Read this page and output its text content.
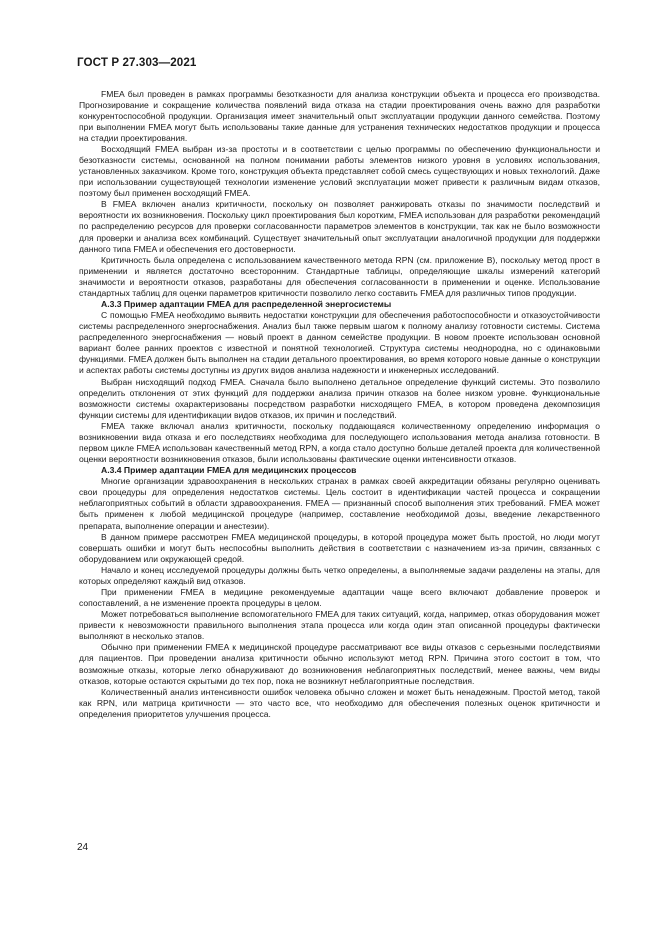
ГОСТ Р 27.303—2021

FMEA был проведен в рамках программы безотказности для анализа конструкции объекта и процесса его производства. Прогнозирование и сокращение количества появлений вида отказа на стадии проектирования очень важно для разработки конкурентоспособной продукции. Организация имеет значительный опыт эксплуатации продукции данного семейства. Поэтому при выполнении FMEA могут быть использованы такие данные для устранения технических недостатков продукции и процесса на стадии проектирования.

Восходящий FMEA выбран из-за простоты и в соответствии с целью программы по обеспечению функциональности и безотказности системы, основанной на полном понимании работы элементов низкого уровня в условиях использования, установленных заказчиком. Кроме того, конструкция объекта представляет собой смесь существующих и новых технологий. Даже при использовании существующей технологии изменение условий эксплуатации может привести к различным видам отказов, поэтому был применен восходящий FMEA.

В FMEA включен анализ критичности, поскольку он позволяет ранжировать отказы по значимости последствий и вероятности их возникновения. Поскольку цикл проектирования был коротким, FMEA использован для разработки рекомендаций по распределению ресурсов для проверки согласованности параметров элементов в конструкции, так как не было возможности для проверки и анализа всех комбинаций. Существует значительный опыт эксплуатации аналогичной продукции для поддержки данного типа FMEA и обеспечения его достоверности.

Критичность была определена с использованием качественного метода RPN (см. приложение В), поскольку метод прост в применении и является достаточно всесторонним. Стандартные таблицы, определяющие шкалы измерений категорий значимости и вероятности отказов, разработаны для обеспечения согласованности в применении и оценке. Использование стандартных таблиц для оценки параметров критичности позволило легко составить FMEA для различных типов продукции.

А.3.3 Пример адаптации FMEA для распределенной энергосистемы

С помощью FMEA необходимо выявить недостатки конструкции для обеспечения работоспособности и отказоустойчивости системы распределенного энергоснабжения. Анализ был также первым шагом к полному анализу готовности системы. Система распределенного энергоснабжения — новый проект в данном семействе продукции. В новом проекте использован основной вариант более ранних проектов с известной и понятной технологией. Структура системы неоднородна, но с одинаковыми функциями. FMEA должен быть выполнен на стадии детального проектирования, во время которого новые данные о конструкции и аспектах работы системы доступны из других видов анализа надежности и инженерных исследований.

Выбран нисходящий подход FMEA. Сначала было выполнено детальное определение функций системы. Это позволило определить отклонения от этих функций для поддержки анализа причин отказов на более низком уровне. Функциональные возможности системы охарактеризованы посредством разработки нисходящего FMEA, в котором проведена декомпозиция функции системы для идентификации видов отказов, их причин и последствий.

FMEA также включал анализ критичности, поскольку поддающаяся количественному определению информация о возникновении вида отказа и его последствиях необходима для последующего использования метода анализа готовности. В первом цикле FMEA использован качественный метод RPN, а когда стало доступно больше деталей проекта для количественной оценки вероятности возникновения отказов, были использованы фактические оценки интенсивности отказов.

А.3.4 Пример адаптации FMEA для медицинских процессов

Многие организации здравоохранения в нескольких странах в рамках своей аккредитации обязаны регулярно оценивать свои процедуры для определения недостатков системы. Цель состоит в идентификации частей процесса и сокращении неблагоприятных событий в области здравоохранения. FMEA — признанный способ выполнения этих требований. FMEA может быть применен к любой медицинской процедуре (например, составление необходимой дозы, введение лекарственного препарата, выполнение операции и анестезии).

В данном примере рассмотрен FMEA медицинской процедуры, в которой процедура может быть простой, но люди могут совершать ошибки и могут быть неспособны выполнить действия в соответствии с назначением из-за причин, связанных с оборудованием или окружающей средой.

Начало и конец исследуемой процедуры должны быть четко определены, а выполняемые задачи разделены на этапы, для которых определяют каждый вид отказов.

При применении FMEA в медицине рекомендуемые адаптации чаще всего включают добавление проверок и сопоставлений, а не изменение проекта процедуры в целом.

Может потребоваться выполнение вспомогательного FMEA для таких ситуаций, когда, например, отказ оборудования может привести к невозможности правильного выполнения этапа процесса или когда один этап описанной процедуры фактически выполняют в несколько этапов.

Обычно при применении FMEA к медицинской процедуре рассматривают все виды отказов с серьезными последствиями для пациентов. При проведении анализа критичности обычно используют метод RPN. Причина этого состоит в том, что возможные отказы, которые легко обнаруживают до возникновения неблагоприятных последствий, менее важны, чем виды отказов, которые остаются скрытыми до тех пор, пока не возникнут неблагоприятные последствия.

Количественный анализ интенсивности ошибок человека обычно сложен и может быть ненадежным. Простой метод, такой как RPN, или матрица критичности — это часто все, что необходимо для обеспечения полезных оценок критичности и определения приоритетов улучшения процесса.

24
